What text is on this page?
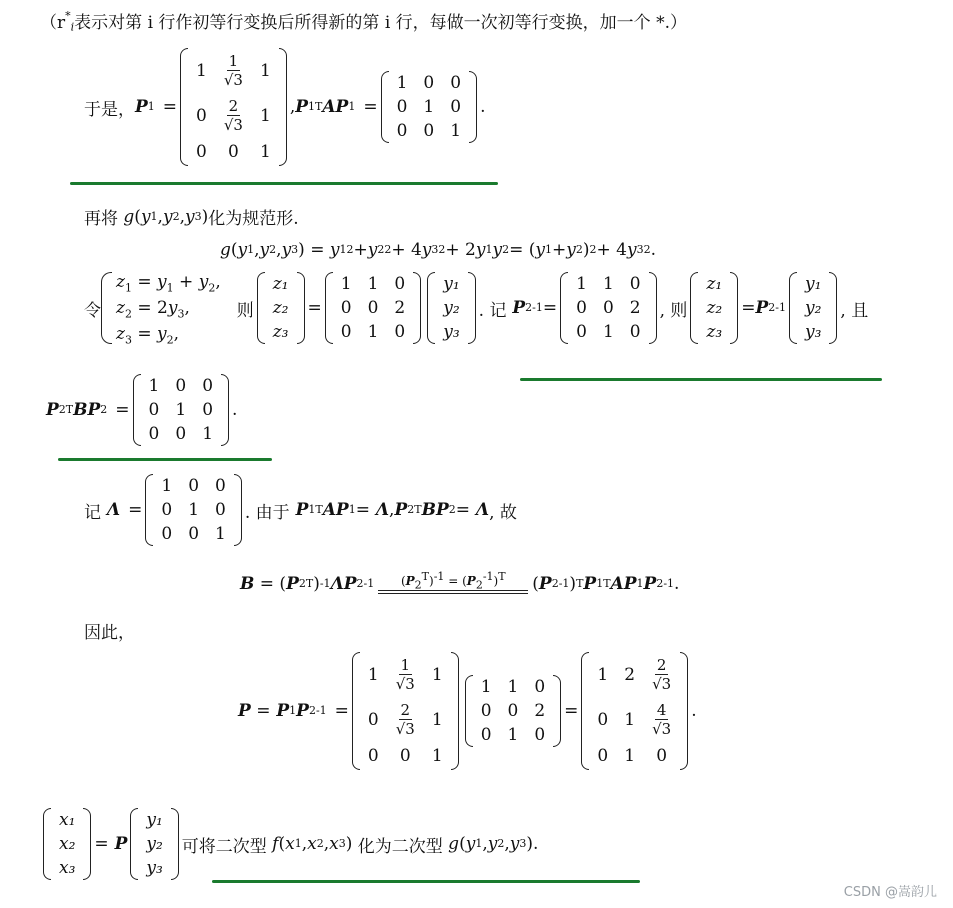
（r *$_i$ 表示对第 i 行作初等行变换后所得新的第 i 行，每做一次初等行变换，加一个 *.）
于是， P 1 =
1	$\frac{1}{√3}$	1
0	$\frac{2}{√3}$	1
0	0	1
, P 1 T AP 1 =
1	0	0
0	1	0
0	0	1
.
再将 g ( y 1 , y 2 , y 3 ) 化为规范形.
g ( y 1 , y 2 , y 3 ) = y 1 2 + y 2 2 + 4 y 3 2 + 2 y 1 y 2 = ( y 1 + y 2 ) 2 + 4 y 3 2 .
令
$z_1 = y_1 + y_2$,
$z_2 = 2y_3$,
$z_3 = y_2$,
则
z₁
z₂
z₃
=
1	1	0
0	0	2
0	1	0
y₁
y₂
y₃
. 记 P 2 -1 =
1	1	0
0	0	2
0	1	0
, 则
z₁
z₂
z₃
= P 2 -1
y₁
y₂
y₃
, 且
P 2 T BP 2 =
1	0	0
0	1	0
0	0	1
.
记 Λ =
1	0	0
0	1	0
0	0	1
. 由于 P 1 T AP 1 = Λ , P 2 T BP 2 = Λ , 故
B = ( P 2 T ) -1 ΛP 2 -1 $(P_2^T)^{-1} = (P_2^{-1})^T$ ( P 2 -1 ) T P 1 T AP 1 P 2 -1 .
因此，
P = P 1 P 2 -1 =
1	$\frac{1}{√3}$	1
0	$\frac{2}{√3}$	1
0	0	1
1	1	0
0	0	2
0	1	0
=
1	2	$\frac{2}{√3}$

0	1	$\frac{4}{√3}$

0	1	0
.
x₁
x₂
x₃
= P
y₁
y₂
y₃
可将二次型 f ( x 1 , x 2 , x 3 ) 化为二次型 g ( y 1 , y 2 , y 3 ).
CSDN @嵩韵儿
